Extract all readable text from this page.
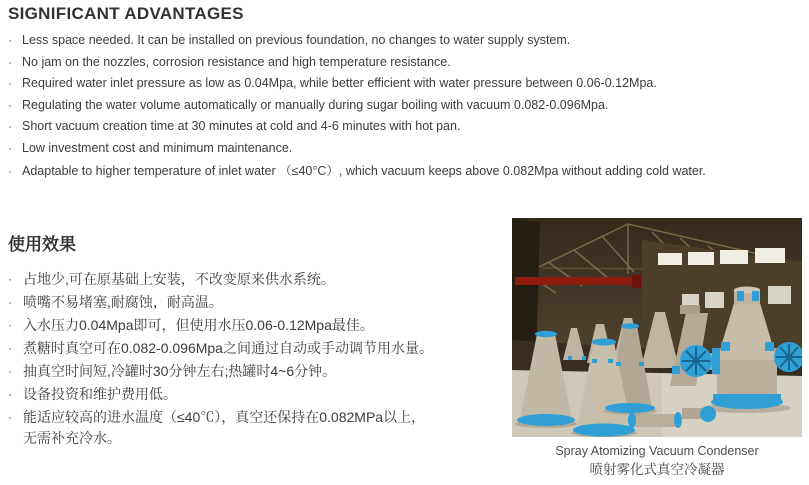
SIGNIFICANT ADVANTAGES
· Less space needed. It can be installed on previous foundation, no changes to water supply system.
· No jam on the nozzles, corrosion resistance and high temperature resistance.
· Required water inlet pressure as low as 0.04Mpa, while better efficient with water pressure between 0.06-0.12Mpa.
· Regulating the water volume automatically or manually during sugar boiling with vacuum 0.082-0.096Mpa.
· Short vacuum creation time at 30 minutes at cold and 4-6 minutes with hot pan.
· Low investment cost and minimum maintenance.
· Adaptable to higher temperature of inlet water （≤40°C）, which vacuum keeps above 0.082Mpa without adding cold water.
使用效果
· 占地少,可在原基础上安装，不改变原来供水系统。
· 喷嘴不易堵塞,耐腐蚀，耐高温。
· 入水压力0.04Mpa即可，但使用水压0.06-0.12Mpa最佳。
· 煮糖时真空可在0.082-0.096Mpa之间通过自动或手动调节用水量。
· 抽真空时间短,冷罐时30分钟左右;热罐时4~6分钟。
· 设备投资和维护费用低。
· 能适应较高的进水温度（≤40℃），真空还保持在0.082MPa以上，无需补充冷水。
Spray Atomizing Vacuum Condenser
喷射雾化式真空冷凝器
